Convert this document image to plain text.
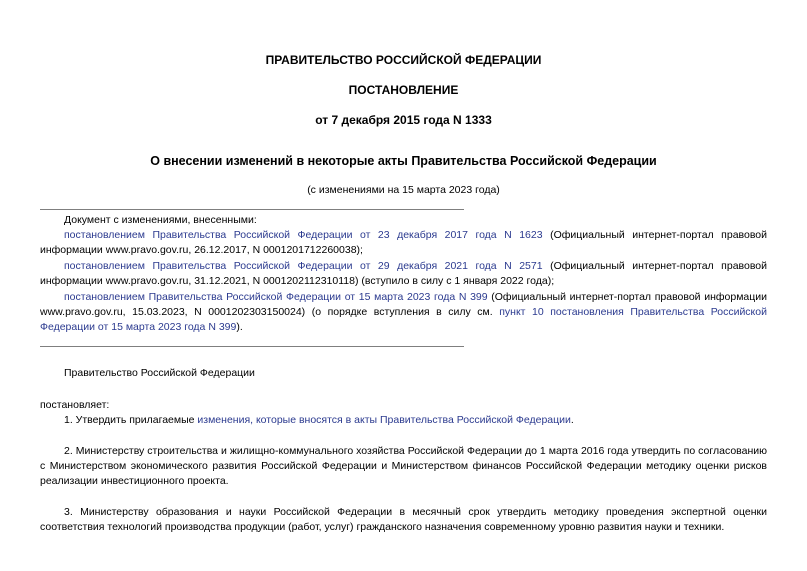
ПРАВИТЕЛЬСТВО РОССИЙСКОЙ ФЕДЕРАЦИИ
ПОСТАНОВЛЕНИЕ
от 7 декабря 2015 года N 1333
О внесении изменений в некоторые акты Правительства Российской Федерации
(с изменениями на 15 марта 2023 года)
Документ с изменениями, внесенными:
постановлением Правительства Российской Федерации от 23 декабря 2017 года N 1623 (Официальный интернет-портал правовой информации www.pravo.gov.ru, 26.12.2017, N 0001201712260038);
постановлением Правительства Российской Федерации от 29 декабря 2021 года N 2571 (Официальный интернет-портал правовой информации www.pravo.gov.ru, 31.12.2021, N 0001202112310118) (вступило в силу с 1 января 2022 года);
постановлением Правительства Российской Федерации от 15 марта 2023 года N 399 (Официальный интернет-портал правовой информации www.pravo.gov.ru, 15.03.2023, N 0001202303150024) (о порядке вступления в силу см. пункт 10 постановления Правительства Российской Федерации от 15 марта 2023 года N 399).
Правительство Российской Федерации
постановляет:
1. Утвердить прилагаемые изменения, которые вносятся в акты Правительства Российской Федерации.
2. Министерству строительства и жилищно-коммунального хозяйства Российской Федерации до 1 марта 2016 года утвердить по согласованию с Министерством экономического развития Российской Федерации и Министерством финансов Российской Федерации методику оценки рисков реализации инвестиционного проекта.
3. Министерству образования и науки Российской Федерации в месячный срок утвердить методику проведения экспертной оценки соответствия технологий производства продукции (работ, услуг) гражданского назначения современному уровню развития науки и техники.
